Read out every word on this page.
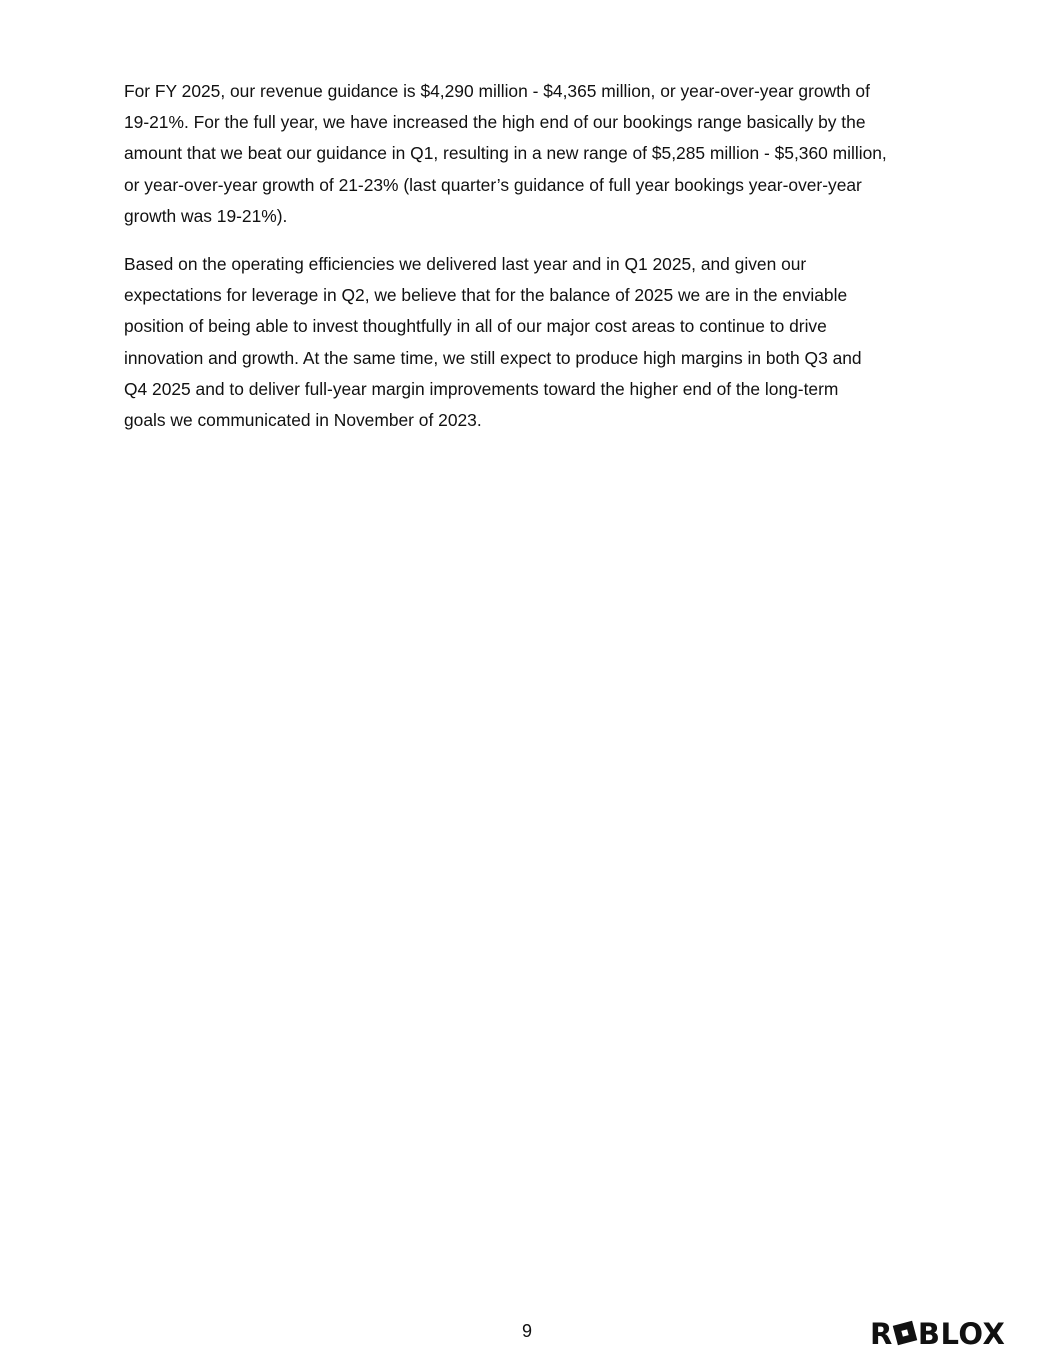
For FY 2025, our revenue guidance is $4,290 million - $4,365 million, or year-over-year growth of
19-21%. For the full year, we have increased the high end of our bookings range basically by the
amount that we beat our guidance in Q1, resulting in a new range of $5,285 million - $5,360 million,
or year-over-year growth of 21-23% (last quarter’s guidance of full year bookings year-over-year
growth was 19-21%).

Based on the operating efficiencies we delivered last year and in Q1 2025, and given our
expectations for leverage in Q2, we believe that for the balance of 2025 we are in the enviable
position of being able to invest thoughtfully in all of our major cost areas to continue to drive
innovation and growth. At the same time, we still expect to produce high margins in both Q3 and
Q4 2025 and to deliver full-year margin improvements toward the higher end of the long-term
goals we communicated in November of 2023.

9	R BLOX
